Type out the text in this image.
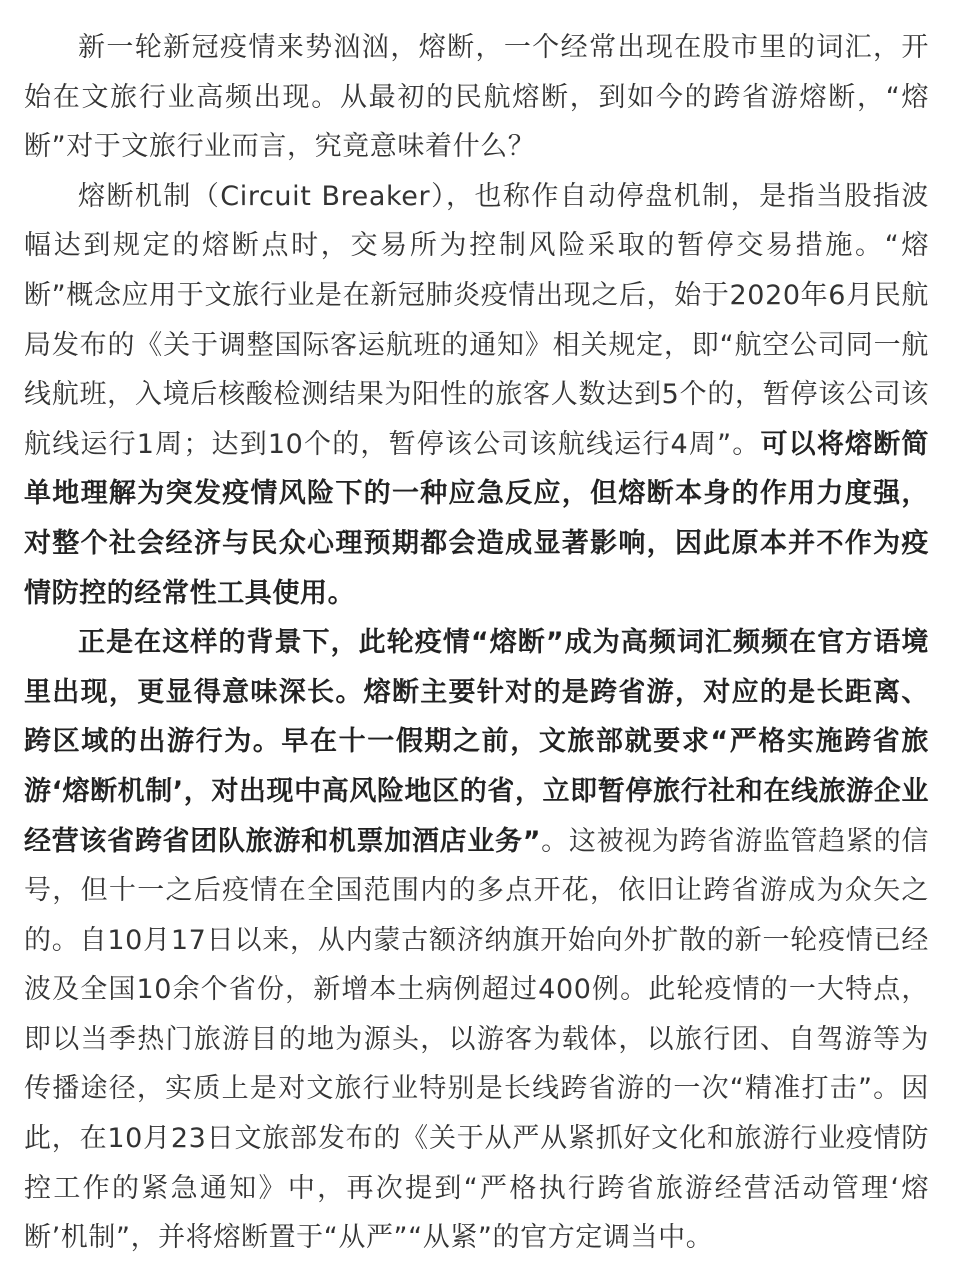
新一轮新冠疫情来势汹汹，熔断，一个经常出现在股市里的词汇，开始在文旅行业高频出现。从最初的民航熔断，到如今的跨省游熔断，“熔断”对于文旅行业而言，究竟意味着什么？

熔断机制（Circuit Breaker），也称作自动停盘机制，是指当股指波幅达到规定的熔断点时，交易所为控制风险采取的暂停交易措施。“熔断”概念应用于文旅行业是在新冠肺炎疫情出现之后，始于2020年6月民航局发布的《关于调整国际客运航班的通知》相关规定，即“航空公司同一航线航班，入境后核酸检测结果为阳性的旅客人数达到5个的，暂停该公司该航线运行1周；达到10个的，暂停该公司该航线运行4周”。可以将熔断简单地理解为突发疫情风险下的一种应急反应，但熔断本身的作用力度强，对整个社会经济与民众心理预期都会造成显著影响，因此原本并不作为疫情防控的经常性工具使用。

正是在这样的背景下，此轮疫情“熔断”成为高频词汇频频在官方语境里出现，更显得意味深长。熔断主要针对的是跨省游，对应的是长距离、跨区域的出游行为。早在十一假期之前，文旅部就要求“严格实施跨省旅游‘熔断机制’，对出现中高风险地区的省，立即暂停旅行社和在线旅游企业经营该省跨省团队旅游和机票加酒店业务”。这被视为跨省游监管趋紧的信号，但十一之后疫情在全国范围内的多点开花，依旧让跨省游成为众矢之的。自10月17日以来，从内蒙古额济纳旗开始向外扩散的新一轮疫情已经波及全国10余个省份，新增本土病例超过400例。此轮疫情的一大特点，即以当季热门旅游目的地为源头，以游客为载体，以旅行团、自驾游等为传播途径，实质上是对文旅行业特别是长线跨省游的一次“精准打击”。因此，在10月23日文旅部发布的《关于从严从紧抓好文化和旅游行业疫情防控工作的紧急通知》中，再次提到“严格执行跨省旅游经营活动管理‘熔断’机制”，并将熔断置于“从严”“从紧”的官方定调当中。
